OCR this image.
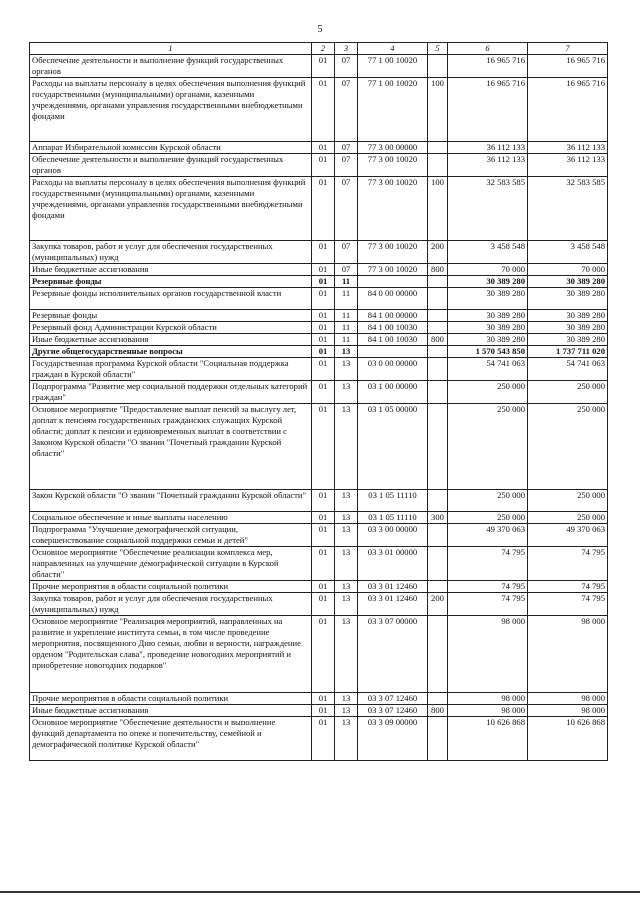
5
1	2	3	4	5	6	7
Обеспечение деятельности и выполнение функций государственных органов	01	07	77 1 00 10020		16 965 716	16 965 716
Расходы на выплаты персоналу в целях обеспечения выполнения функций государственными (муниципальными) органами, казенными учреждениями, органами управления государственными внебюджетными фондами	01	07	77 1 00 10020	100	16 965 716	16 965 716
Аппарат Избирательной комиссии Курской области	01	07	77 3 00 00000		36 112 133	36 112 133
Обеспечение деятельности и выполнение функций государственных органов	01	07	77 3 00 10020		36 112 133	36 112 133
Расходы на выплаты персоналу в целях обеспечения выполнения функций государственными (муниципальными) органами, казенными учреждениями, органами управления государственными внебюджетными фондами	01	07	77 3 00 10020	100	32 583 585	32 583 585
Закупка товаров, работ и услуг для обеспечения государственных (муниципальных) нужд	01	07	77 3 00 10020	200	3 458 548	3 458 548
Иные бюджетные ассигнования	01	07	77 3 00 10020	800	70 000	70 000
Резервные фонды	01	11			30 389 280	30 389 280
Резервные фонды исполнительных органов государственной власти	01	11	84 0 00 00000		30 389 280	30 389 280
Резервные фонды	01	11	84 1 00 00000		30 389 280	30 389 280
Резервный фонд Администрации Курской области	01	11	84 1 00 10030		30 389 280	30 389 280
Иные бюджетные ассигнования	01	11	84 1 00 10030	800	30 389 280	30 389 280
Другие общегосударственные вопросы	01	13			1 570 543 850	1 737 711 020
Государственная программа Курской области "Социальная поддержка граждан в Курской области"	01	13	03 0 00 00000		54 741 063	54 741 063
Подпрограмма "Развитие мер социальной поддержки отдельных категорий граждан"	01	13	03 1 00 00000		250 000	250 000
Основное мероприятие "Предоставление выплат пенсий за выслугу лет, доплат к пенсиям государственных гражданских служащих Курской области; доплат к пенсии и единовременных выплат в соответствии с Законом Курской области "О звании "Почетный гражданин Курской области"	01	13	03 1 05 00000		250 000	250 000
Закон Курской области "О звании "Почетный гражданин Курской области"	01	13	03 1 05 11110		250 000	250 000
Социальное обеспечение и иные выплаты населению	01	13	03 1 05 11110	300	250 000	250 000
Подпрограмма "Улучшение демографической ситуации, совершенствование социальной поддержки семьи и детей"	01	13	03 3 00 00000		49 370 063	49 370 063
Основное мероприятие "Обеспечение реализации комплекса мер, направленных на улучшение демографической ситуации в Курской области"	01	13	03 3 01 00000		74 795	74 795
Прочие мероприятия в области социальной политики	01	13	03 3 01 12460		74 795	74 795
Закупка товаров, работ и услуг для обеспечения государственных (муниципальных) нужд	01	13	03 3 01 12460	200	74 795	74 795
Основное мероприятие "Реализация мероприятий, направленных на развитие и укрепление института семьи, в том числе проведение мероприятия, посвященного Дню семьи, любви и верности, награждение орденом "Родительская слава", проведение новогодних мероприятий и приобретение новогодних подарков"	01	13	03 3 07 00000		98 000	98 000
Прочие мероприятия в области социальной политики	01	13	03 3 07 12460		98 000	98 000
Иные бюджетные ассигнования	01	13	03 3 07 12460	800	98 000	98 000
Основное мероприятие "Обеспечение деятельности и выполнение функций департамента по опеке и попечительству, семейной и демографической политике Курской области"	01	13	03 3 09 00000		10 626 868	10 626 868
